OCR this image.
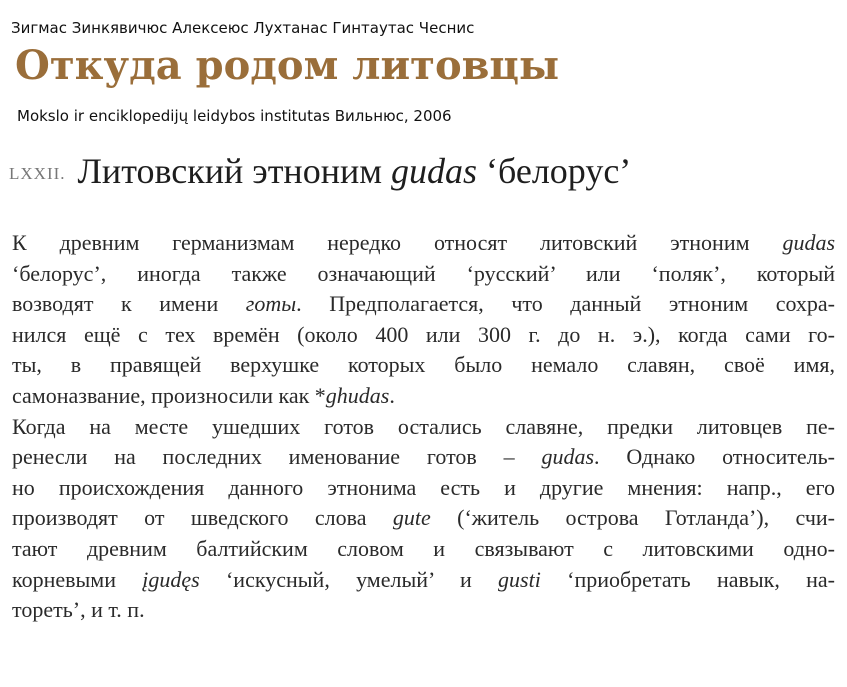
Зигмас Зинкявичюс Алексеюс Лухтанас Гинтаутас Чеснис
Откуда родом литовцы
Mokslo ir enciklopedijų leidybos institutas Вильнюс, 2006
LXXII. Литовский этноним gudas ‘белорус’
К древним германизмам нередко относят литовский этноним gudas
‘белорус’, иногда также означающий ‘русский’ или ‘поляк’, который
возводят к имени готы. Предполагается, что данный этноним сохра-
нился ещё с тех времён (около 400 или 300 г. до н. э.), когда сами го-
ты, в правящей верхушке которых было немало славян, своё имя,
самоназвание, произносили как *ghudas.
Когда на месте ушедших готов остались славяне, предки литовцев пе-
ренесли на последних именование готов – gudas. Однако относитель-
но происхождения данного этнонима есть и другие мнения: напр., его
производят от шведского слова gute (‘житель острова Готланда’), счи-
тают древним балтийским словом и связывают с литовскими одно-
корневыми įgudęs ‘искусный, умелый’ и gusti ‘приобретать навык, на-
тореть’, и т. п.
